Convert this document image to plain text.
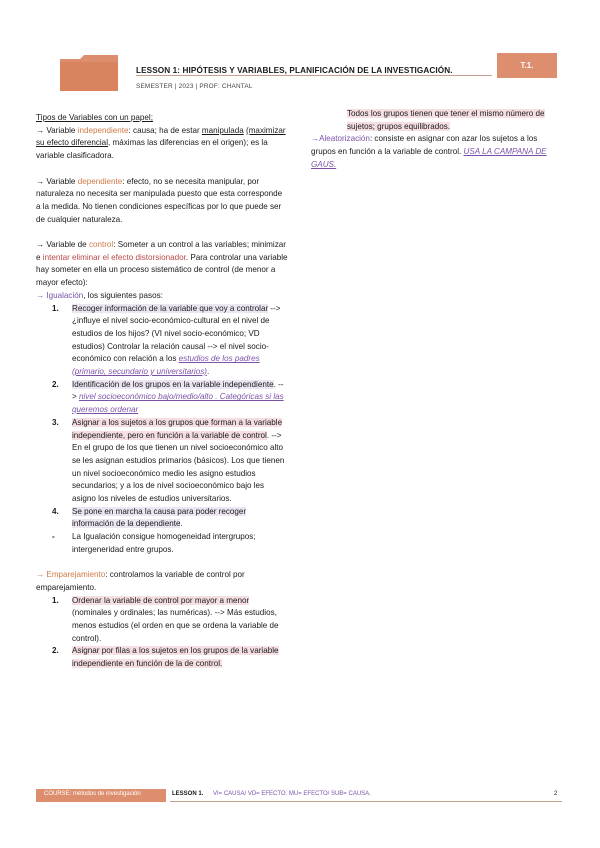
LESSON 1: HIPÓTESIS Y VARIABLES, PLANIFICACIÓN DE LA INVESTIGACIÓN.
SEMESTER | 2023 | PROF: CHANTAL
T.1.

Tipos de Variables con un papel;

→ Variable independiente: causa; ha de estar manipulada (maximizar su efecto diferencial, máximas las diferencias en el origen); es la variable clasificadora.

→ Variable dependiente: efecto, no se necesita manipular, por naturaleza no necesita ser manipulada puesto que esta corresponde a la medida. No tienen condiciones específicas por lo que puede ser de cualquier naturaleza.

→ Variable de control: Someter a un control a las variables; minimizar e intentar eliminar el efecto distorsionador. Para controlar una variable hay someter en ella un proceso sistemático de control (de menor a mayor efecto):

→ Igualación, los siguientes pasos:

1. Recoger información de la variable que voy a controlar --> ¿influye el nivel socio-económico-cultural en el nivel de estudios de los hijos? (VI nivel socio-económico; VD estudios) Controlar la relación causal --> el nivel socio-económico con relación a los estudios de los padres (primario, secundario y universitarios).
2. Identificación de los grupos en la variable independiente. --> nivel socioeconómico bajo/medio/alto . Categóricas si las queremos ordenar
3. Asignar a los sujetos a los grupos que forman a la variable independiente, pero en función a la variable de control. --> En el grupo de los que tienen un nivel socioeconómico alto se les asignan estudios primarios (básicos). Los que tienen un nivel socioeconómico medio les asigno estudios secundarios; y a los de nivel socioeconómico bajo les asigno los niveles de estudios universitarios.
4. Se pone en marcha la causa para poder recoger información de la dependiente.
- La Igualación consigue homogeneidad intergrupos; intergeneridad entre grupos.

→ Emparejamiento: controlamos la variable de control por emparejamiento.

1. Ordenar la variable de control por mayor a menor (nominales y ordinales; las numéricas). --> Más estudios, menos estudios (el orden en que se ordena la variable de control).
2. Asignar por filas a los sujetos en los grupos de la variable independiente en función de la de control.

Todos los grupos tienen que tener el mismo número de sujetos; grupos equilibrados.

→Aleatorización: consiste en asignar con azar los sujetos a los grupos en función a la variable de control. USA LA CAMPANA DE GAUS.

COURSE: métodos de investigación	LESSON 1. VI= CAUSA/ VD= EFECTO. MU= EFECTO/ SUB= CAUSA.	2
